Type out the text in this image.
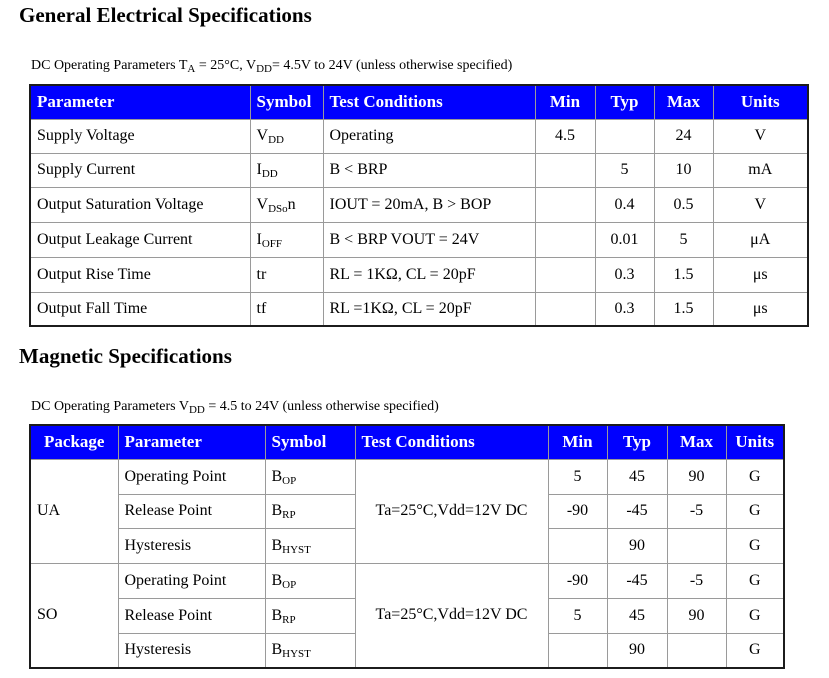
General Electrical Specifications
DC Operating Parameters $T_A = 25^\circ C$, $V_{DD}= 4.5V$ to 24V (unless otherwise specified)
Parameter	Symbol	Test Conditions	Min	Typ	Max	Units
Supply Voltage	$V_{DD}$	Operating	4.5		24	V
Supply Current	$I_{DD}$	B < BRP		5	10	mA
Output Saturation Voltage	$V_{DSo}n$	IOUT = 20mA, B > BOP		0.4	0.5	V
Output Leakage Current	$I_{OFF}$	B < BRP VOUT = 24V		0.01	5	μA
Output Rise Time	tr	RL = 1KΩ, CL = 20pF		0.3	1.5	μs
Output Fall Time	tf	RL =1KΩ, CL = 20pF		0.3	1.5	μs
Magnetic Specifications
DC Operating Parameters $V_{DD} = 4.5$ to 24V (unless otherwise specified)
Package	Parameter	Symbol	Test Conditions	Min	Typ	Max	Units
UA	Operating Point	$B_{OP}$	Ta=25°C,Vdd=12V DC	5	45	90	G
	Release Point	$B_{RP}$		-90	-45	-5	G
	Hysteresis	$B_{HYST}$			90		G
SO	Operating Point	$B_{OP}$	Ta=25°C,Vdd=12V DC	-90	-45	-5	G
	Release Point	$B_{RP}$		5	45	90	G
	Hysteresis	$B_{HYST}$			90		G
